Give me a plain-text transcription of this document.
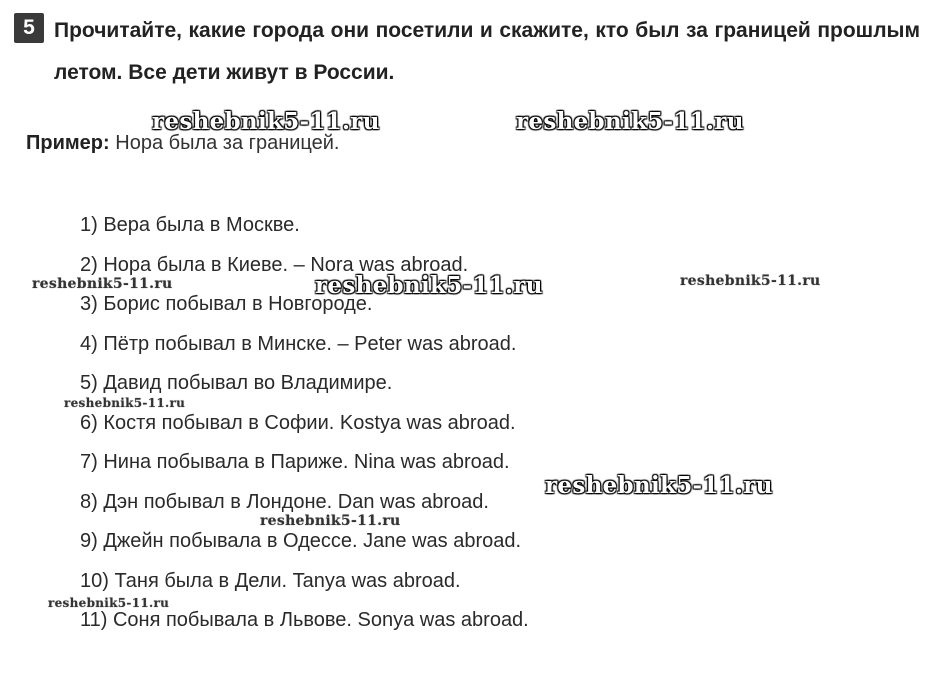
5 Прочитайте, какие города они посетили и скажите, кто был за границей прошлым летом. Все дети живут в России.

Пример: Нора была за границей.
1) Вера была в Москве.
2) Нора была в Киеве. – Nora was abroad.
3) Борис побывал в Новгороде.
4) Пётр побывал в Минске. – Peter was abroad.
5) Давид побывал во Владимире.
6) Костя побывал в Софии. Kostya was abroad.
7) Нина побывала в Париже. Nina was abroad.
8) Дэн побывал в Лондоне. Dan was abroad.
9) Джейн побывала в Одессе. Jane was abroad.
10) Таня была в Дели. Tanya was abroad.
11) Соня побывала в Львове. Sonya was abroad.
reshebnik5-11.ru	reshebnik5-11.ru
reshebnik5-11.ru	reshebnik5-11.ru	reshebnik5-11.ru
reshebnik5-11.ru
reshebnik5-11.ru
reshebnik5-11.ru
reshebnik5-11.ru
